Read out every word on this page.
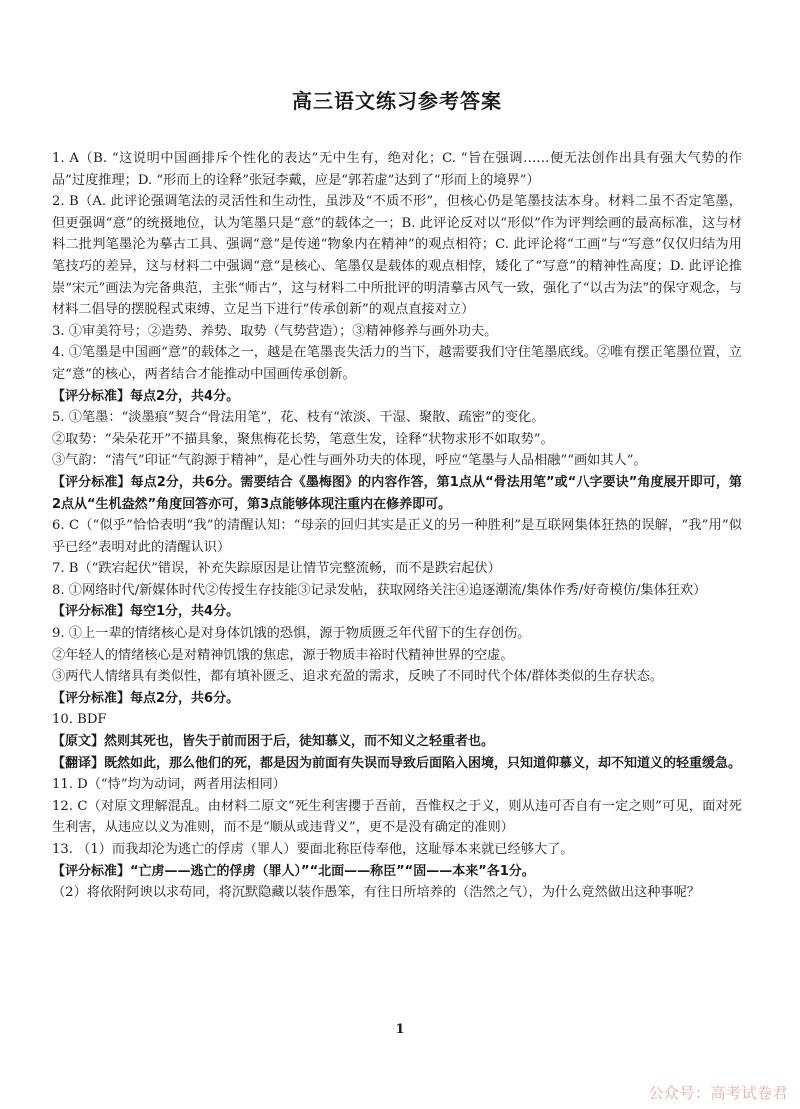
高三语文练习参考答案

1. A（B. “这说明中国画排斥个性化的表达”无中生有，绝对化；C. “旨在强调……便无法创作出具有强大气势的作品”过度推理；D. “形而上的诠释”张冠李戴，应是“郭若虚”达到了“形而上的境界”）

2. B（A. 此评论强调笔法的灵活性和生动性，虽涉及“不质不形”，但核心仍是笔墨技法本身。材料二虽不否定笔墨，但更强调“意”的统摄地位，认为笔墨只是“意”的载体之一；B. 此评论反对以“形似”作为评判绘画的最高标准，这与材料二批判笔墨沦为摹古工具、强调“意”是传递“物象内在精神”的观点相符；C. 此评论将“工画”与“写意”仅仅归结为用笔技巧的差异，这与材料二中强调“意”是核心、笔墨仅是载体的观点相悖，矮化了“写意”的精神性高度；D. 此评论推崇“宋元”画法为完备典范，主张“师古”，这与材料二中所批评的明清摹古风气一致，强化了“以古为法”的保守观念，与材料二倡导的摆脱程式束缚、立足当下进行“传承创新”的观点直接对立）

3. ①审美符号；②造势、养势、取势（气势营造）；③精神修养与画外功夫。

4. ①笔墨是中国画“意”的载体之一，越是在笔墨丧失活力的当下，越需要我们守住笔墨底线。②唯有摆正笔墨位置，立定“意”的核心，两者结合才能推动中国画传承创新。

【评分标准】每点2分，共4分。

5. ①笔墨：“淡墨痕”契合“骨法用笔”，花、枝有“浓淡、干湿、聚散、疏密”的变化。

②取势：“朵朵花开”不描具象，聚焦梅花长势，笔意生发，诠释“状物求形不如取势”。

③气韵：“清气”印证“气韵源于精神”，是心性与画外功夫的体现，呼应“笔墨与人品相融”“画如其人”。

【评分标准】每点2分，共6分。需要结合《墨梅图》的内容作答，第1点从“骨法用笔”或“八字要诀”角度展开即可，第2点从“生机盎然”角度回答亦可，第3点能够体现注重内在修养即可。

6. C（“似乎”恰恰表明“我”的清醒认知：“母亲的回归其实是正义的另一种胜利”是互联网集体狂热的误解，“我”用“似乎已经”表明对此的清醒认识）

7. B（“跌宕起伏”错误，补充失踪原因是让情节完整流畅，而不是跌宕起伏）

8. ①网络时代/新媒体时代②传授生存技能③记录发帖，获取网络关注④追逐潮流/集体作秀/好奇模仿/集体狂欢）

【评分标准】每空1分，共4分。

9. ①上一辈的情绪核心是对身体饥饿的恐惧，源于物质匮乏年代留下的生存创伤。

②年轻人的情绪核心是对精神饥饿的焦虑，源于物质丰裕时代精神世界的空虚。

③两代人情绪具有类似性，都有填补匮乏、追求充盈的需求，反映了不同时代个体/群体类似的生存状态。

【评分标准】每点2分，共6分。

10. BDF

【原文】然则其死也，皆失于前而困于后，徒知慕义，而不知义之轻重者也。

【翻译】既然如此，那么他们的死，都是因为前面有失误而导致后面陷入困境，只知道仰慕义，却不知道义的轻重缓急。

11. D（“恃”均为动词，两者用法相同）

12. C（对原文理解混乱。由材料二原文“死生利害攖于吾前，吾惟权之于义，则从违可否自有一定之则”可见，面对死生利害，从违应以义为准则，而不是“顺从或违背义”，更不是没有确定的准则）

13. （1）而我却沦为逃亡的俘虏（罪人）要面北称臣侍奉他，这耻辱本来就已经够大了。

【评分标准】“亡虏——逃亡的俘虏（罪人）”“北面——称臣”“固——本来”各1分。

（2）将依附阿谀以求苟同，将沉默隐藏以装作愚笨，有往日所培养的（浩然之气），为什么竟然做出这种事呢？

1
公众号：高考试卷君
